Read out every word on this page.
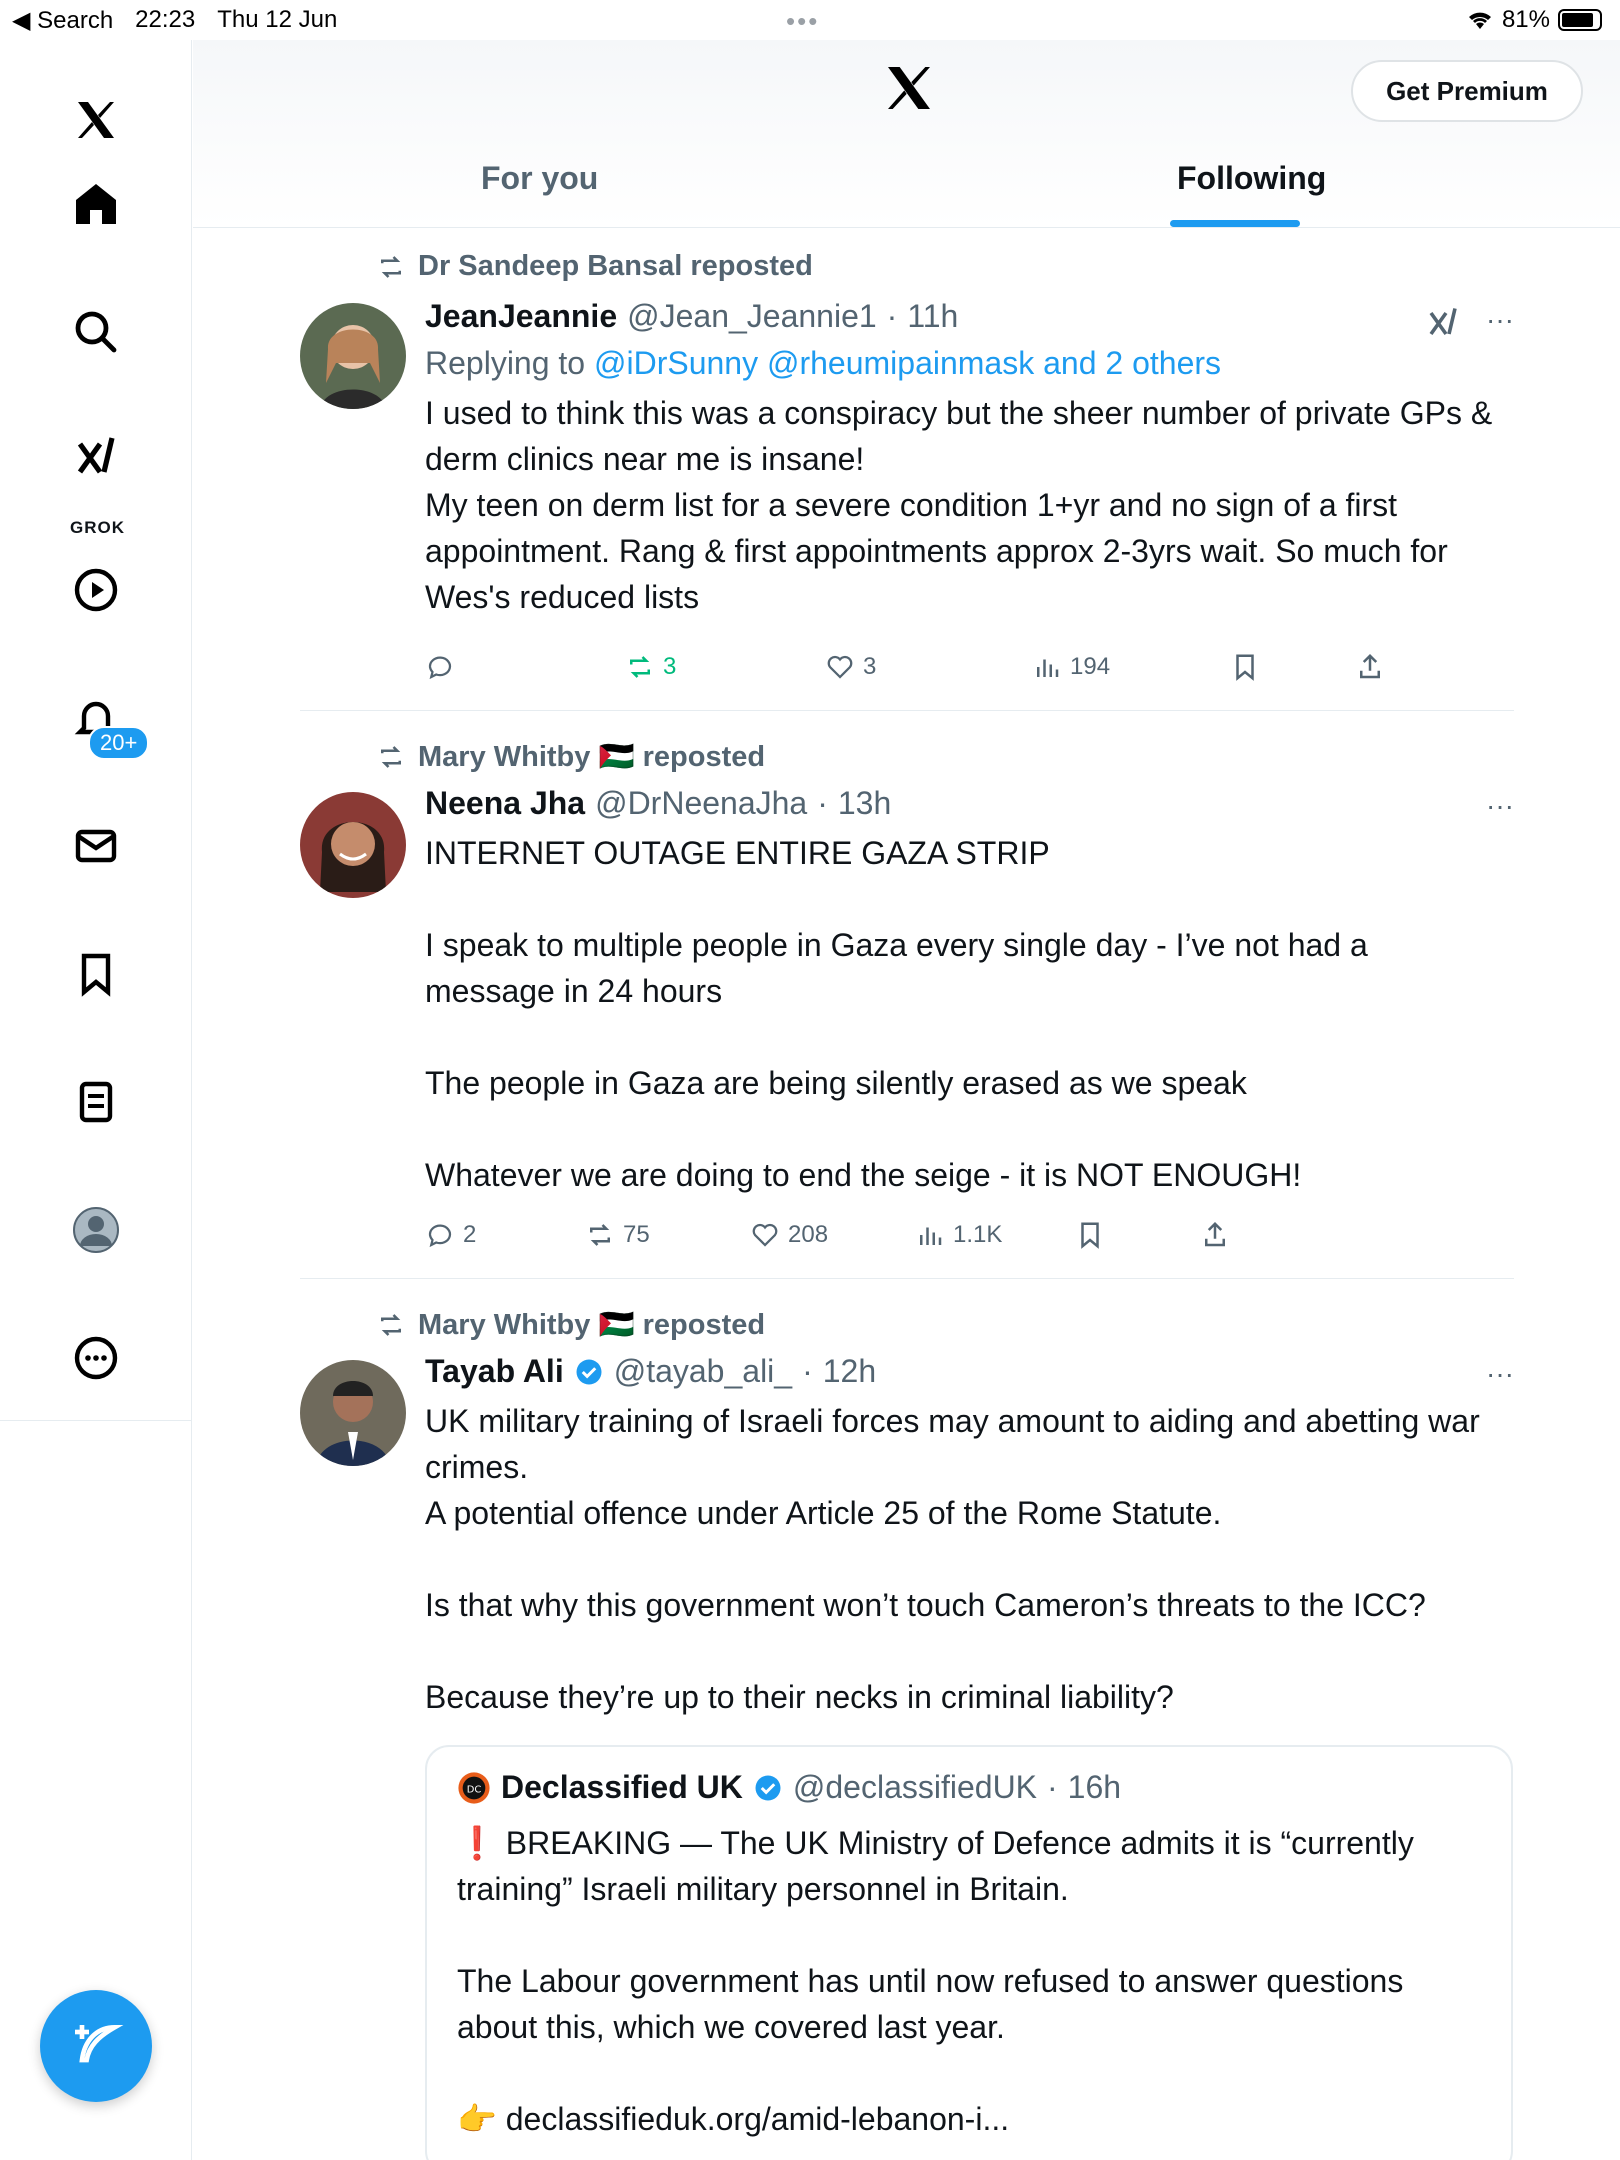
◀ Search 22:23 Thu 12 Jun	•••	81%
GROK
20+
Get Premium
For you	Following
Dr Sandeep Bansal reposted
JeanJeannie @Jean_Jeannie1 · 11h
Replying to @iDrSunny @rheumipainmask and 2 others
I used to think this was a conspiracy but the sheer number of private GPs & derm clinics near me is insane!
My teen on derm list for a severe condition 1+yr and no sign of a first appointment. Rang & first appointments approx 2-3yrs wait. So much for Wes's reduced lists
···
3	3	194
Mary Whitby 🇵🇸 reposted
Neena Jha @DrNeenaJha · 13h
INTERNET OUTAGE ENTIRE GAZA STRIP

I speak to multiple people in Gaza every single day - I’ve not had a message in 24 hours

The people in Gaza are being silently erased as we speak

Whatever we are doing to end the seige - it is NOT ENOUGH!
···
2	75	208	1.1K
Mary Whitby 🇵🇸 reposted
Tayab Ali @tayab_ali_ · 12h
UK military training of Israeli forces may amount to aiding and abetting war crimes.
A potential offence under Article 25 of the Rome Statute.

Is that why this government won’t touch Cameron’s threats to the ICC?

Because they’re up to their necks in criminal liability?
···
DC Declassified UK @declassifiedUK · 16h
❗ BREAKING — The UK Ministry of Defence admits it is “currently training” Israeli military personnel in Britain.

The Labour government has until now refused to answer questions about this, which we covered last year.

👉 declassifieduk.org/amid-lebanon-i...
